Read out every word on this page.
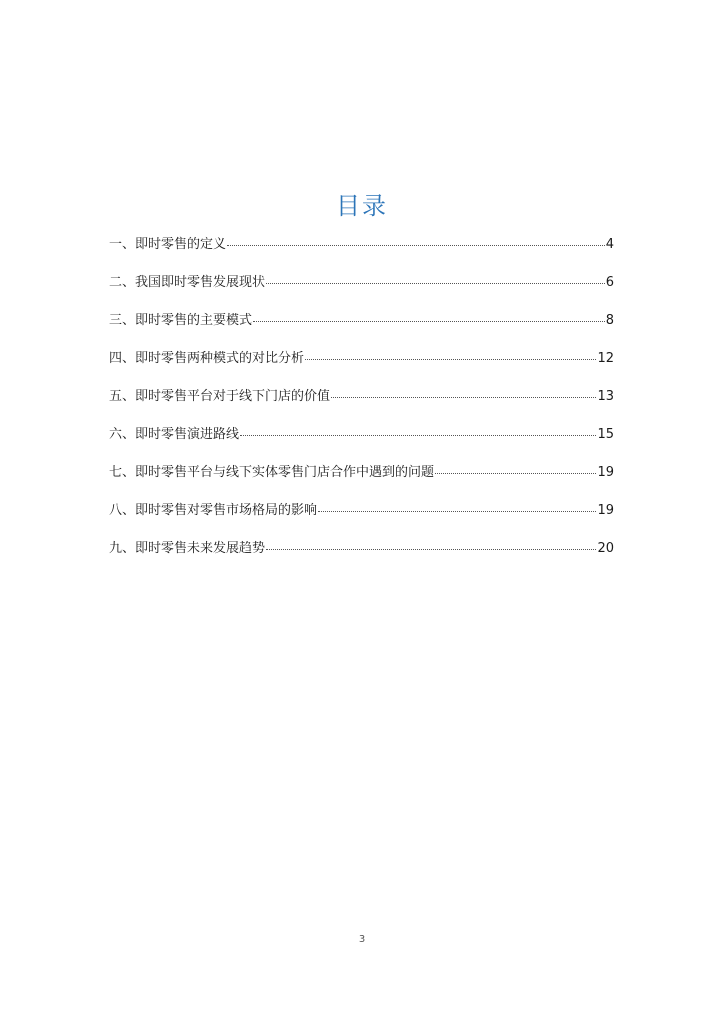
目录
一、即时零售的定义	4
二、我国即时零售发展现状	6
三、即时零售的主要模式	8
四、即时零售两种模式的对比分析	12
五、即时零售平台对于线下门店的价值	13
六、即时零售演进路线	15
七、即时零售平台与线下实体零售门店合作中遇到的问题	19
八、即时零售对零售市场格局的影响	19
九、即时零售未来发展趋势	20
3
